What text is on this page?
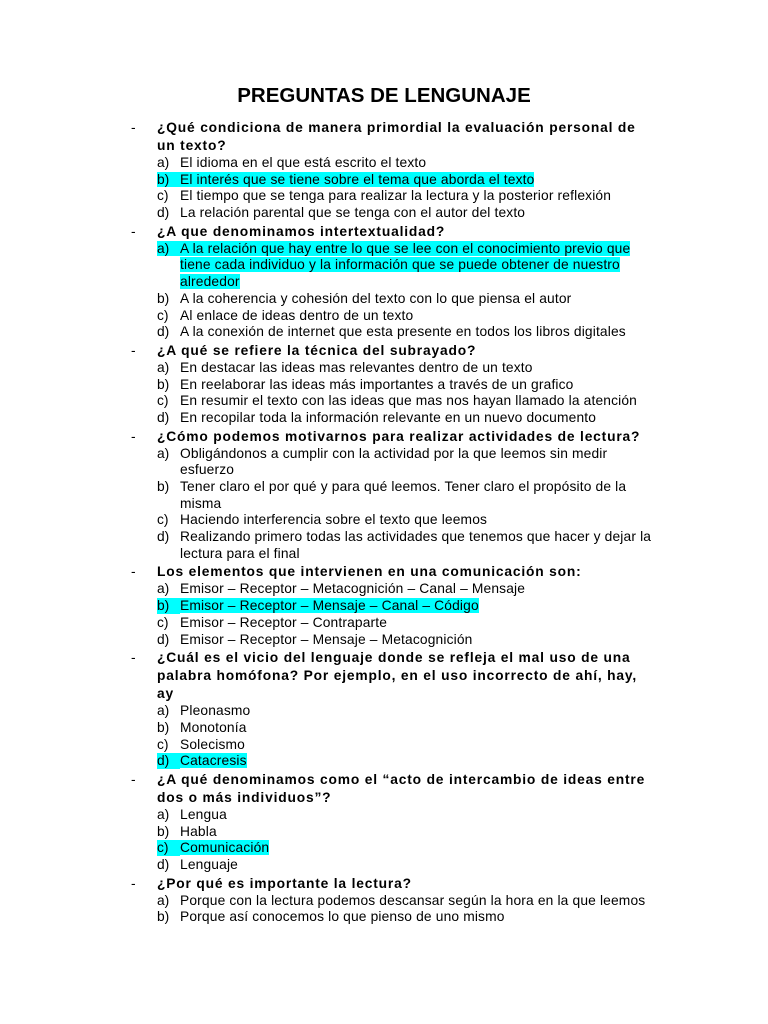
PREGUNTAS DE LENGUNAJE
- ¿Qué condiciona de manera primordial la evaluación personal de un texto?
a) El idioma en el que está escrito el texto
b) El interés que se tiene sobre el tema que aborda el texto
c) El tiempo que se tenga para realizar la lectura y la posterior reflexión
d) La relación parental que se tenga con el autor del texto
- ¿A que denominamos intertextualidad?
a) A la relación que hay entre lo que se lee con el conocimiento previo que tiene cada individuo y la información que se puede obtener de nuestro alrededor
b) A la coherencia y cohesión del texto con lo que piensa el autor
c) Al enlace de ideas dentro de un texto
d) A la conexión de internet que esta presente en todos los libros digitales
- ¿A qué se refiere la técnica del subrayado?
a) En destacar las ideas mas relevantes dentro de un texto
b) En reelaborar las ideas más importantes a través de un grafico
c) En resumir el texto con las ideas que mas nos hayan llamado la atención
d) En recopilar toda la información relevante en un nuevo documento
- ¿Cómo podemos motivarnos para realizar actividades de lectura?
a) Obligándonos a cumplir con la actividad por la que leemos sin medir esfuerzo
b) Tener claro el por qué y para qué leemos. Tener claro el propósito de la misma
c) Haciendo interferencia sobre el texto que leemos
d) Realizando primero todas las actividades que tenemos que hacer y dejar la lectura para el final
- Los elementos que intervienen en una comunicación son:
a) Emisor – Receptor – Metacognición – Canal – Mensaje
b) Emisor – Receptor – Mensaje – Canal – Código
c) Emisor – Receptor – Contraparte
d) Emisor – Receptor – Mensaje – Metacognición
- ¿Cuál es el vicio del lenguaje donde se refleja el mal uso de una palabra homófona? Por ejemplo, en el uso incorrecto de ahí, hay, ay
a) Pleonasmo
b) Monotonía
c) Solecismo
d) Catacresis
- ¿A qué denominamos como el “acto de intercambio de ideas entre dos o más individuos”?
a) Lengua
b) Habla
c) Comunicación
d) Lenguaje
- ¿Por qué es importante la lectura?
a) Porque con la lectura podemos descansar según la hora en la que leemos
b) Porque así conocemos lo que pienso de uno mismo
